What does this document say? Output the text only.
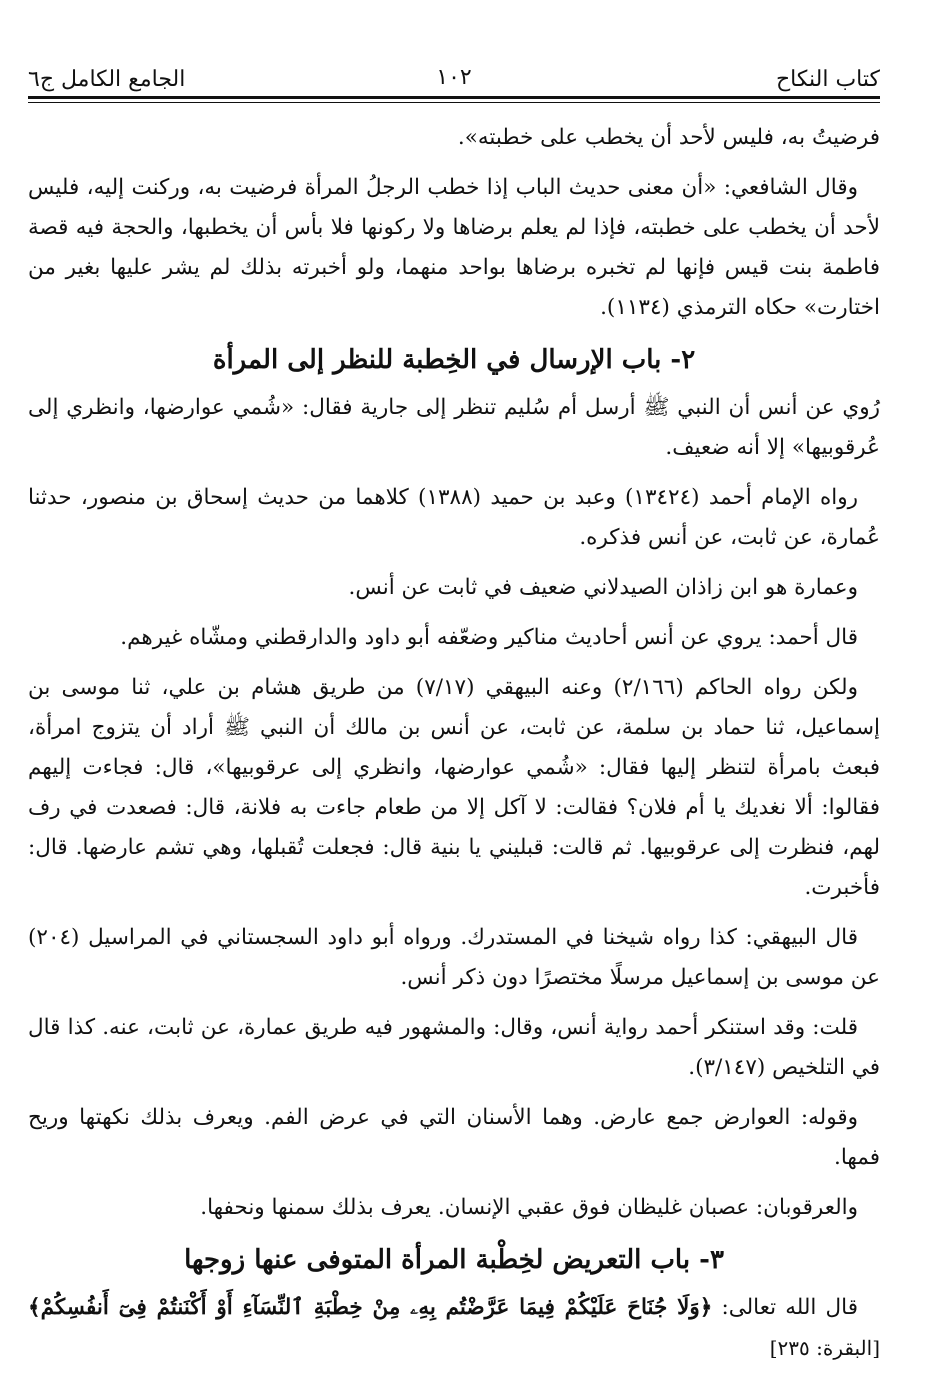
كتاب النكاح
١٠٢
الجامع الكامل ج٦

فرضيتُ به، فليس لأحد أن يخطب على خطبته».

وقال الشافعي: «أن معنى حديث الباب إذا خطب الرجلُ المرأة فرضيت به، وركنت إليه، فليس لأحد أن يخطب على خطبته، فإذا لم يعلم برضاها ولا ركونها فلا بأس أن يخطبها، والحجة فيه قصة فاطمة بنت قيس فإنها لم تخبره برضاها بواحد منهما، ولو أخبرته بذلك لم يشر عليها بغير من اختارت» حكاه الترمذي (١١٣٤).

٢- باب الإرسال في الخِطبة للنظر إلى المرأة

رُوي عن أنس أن النبي ﷺ أرسل أم سُليم تنظر إلى جارية فقال: «شُمي عوارضها، وانظري إلى عُرقوبيها» إلا أنه ضعيف.

رواه الإمام أحمد (١٣٤٢٤) وعبد بن حميد (١٣٨٨) كلاهما من حديث إسحاق بن منصور، حدثنا عُمارة، عن ثابت، عن أنس فذكره.

وعمارة هو ابن زاذان الصيدلاني ضعيف في ثابت عن أنس.

قال أحمد: يروي عن أنس أحاديث مناكير وضعّفه أبو داود والدارقطني ومشّاه غيرهم.

ولكن رواه الحاكم (٢/١٦٦) وعنه البيهقي (٧/١٧) من طريق هشام بن علي، ثنا موسى بن إسماعيل، ثنا حماد بن سلمة، عن ثابت، عن أنس بن مالك أن النبي ﷺ أراد أن يتزوج امرأة، فبعث بامرأة لتنظر إليها فقال: «شُمي عوارضها، وانظري إلى عرقوبيها»، قال: فجاءت إليهم فقالوا: ألا نغديك يا أم فلان؟ فقالت: لا آكل إلا من طعام جاءت به فلانة، قال: فصعدت في رف لهم، فنظرت إلى عرقوبيها. ثم قالت: قبليني يا بنية قال: فجعلت تُقبلها، وهي تشم عارضها. قال: فأخبرت.

قال البيهقي: كذا رواه شيخنا في المستدرك. ورواه أبو داود السجستاني في المراسيل (٢٠٤) عن موسى بن إسماعيل مرسلًا مختصرًا دون ذكر أنس.

قلت: وقد استنكر أحمد رواية أنس، وقال: والمشهور فيه طريق عمارة، عن ثابت، عنه. كذا قال في التلخيص (٣/١٤٧).

وقوله: العوارض جمع عارض. وهما الأسنان التي في عرض الفم. ويعرف بذلك نكهتها وريح فمها.

والعرقوبان: عصبان غليظان فوق عقبي الإنسان. يعرف بذلك سمنها ونحفها.

٣- باب التعريض لخِطْبة المرأة المتوفى عنها زوجها

قال الله تعالى: ﴿وَلَا جُنَاحَ عَلَيْكُمْ فِيمَا عَرَّضْتُم بِهِۦ مِنْ خِطْبَةِ ٱلنِّسَآءِ أَوْ أَكْنَنتُمْ فِىٓ أَنفُسِكُمْ﴾ [البقرة: ٢٣٥]
